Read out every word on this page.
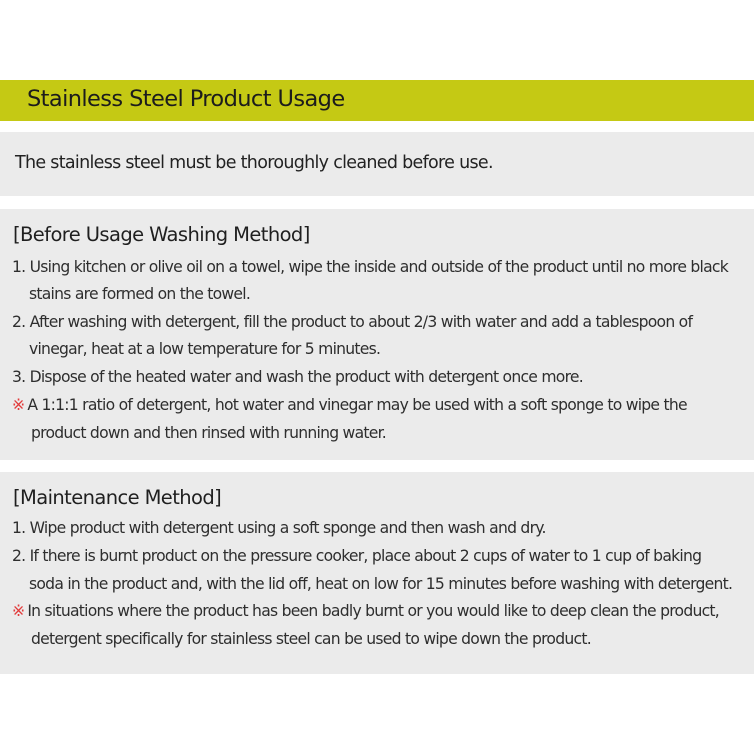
Stainless Steel Product Usage
The stainless steel must be thoroughly cleaned before use.
[Before Usage Washing Method]
1. Using kitchen or olive oil on a towel, wipe the inside and outside of the product until no more black
stains are formed on the towel.
2. After washing with detergent, fill the product to about 2/3 with water and add a tablespoon of
vinegar, heat at a low temperature for 5 minutes.
3. Dispose of the heated water and wash the product with detergent once more.
※ A 1:1:1 ratio of detergent, hot water and vinegar may be used with a soft sponge to wipe the
product down and then rinsed with running water.
[Maintenance Method]
1. Wipe product with detergent using a soft sponge and then wash and dry.
2. If there is burnt product on the pressure cooker, place about 2 cups of water to 1 cup of baking
soda in the product and, with the lid off, heat on low for 15 minutes before washing with detergent.
※ In situations where the product has been badly burnt or you would like to deep clean the product,
detergent specifically for stainless steel can be used to wipe down the product.
